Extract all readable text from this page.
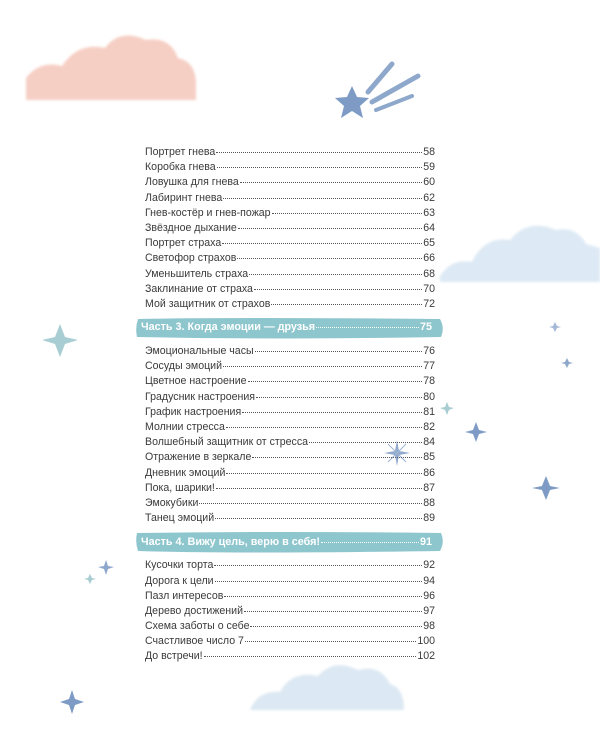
Портрет гнева	58
Коробка гнева	59
Ловушка для гнева	60
Лабиринт гнева	62
Гнев-костёр и гнев-пожар	63
Звёздное дыхание	64
Портрет страха	65
Светофор страхов	66
Уменьшитель страха	68
Заклинание от страха	70
Мой защитник от страхов	72
Часть 3. Когда эмоции — друзья	75
Эмоциональные часы	76
Сосуды эмоций	77
Цветное настроение	78
Градусник настроения	80
График настроения	81
Молнии стресса	82
Волшебный защитник от стресса	84
Отражение в зеркале	85
Дневник эмоций	86
Пока, шарики!	87
Эмокубики	88
Танец эмоций	89
Часть 4. Вижу цель, верю в себя!	91
Кусочки торта	92
Дорога к цели	94
Пазл интересов	96
Дерево достижений	97
Схема заботы о себе	98
Счастливое число 7	100
До встречи!	102
